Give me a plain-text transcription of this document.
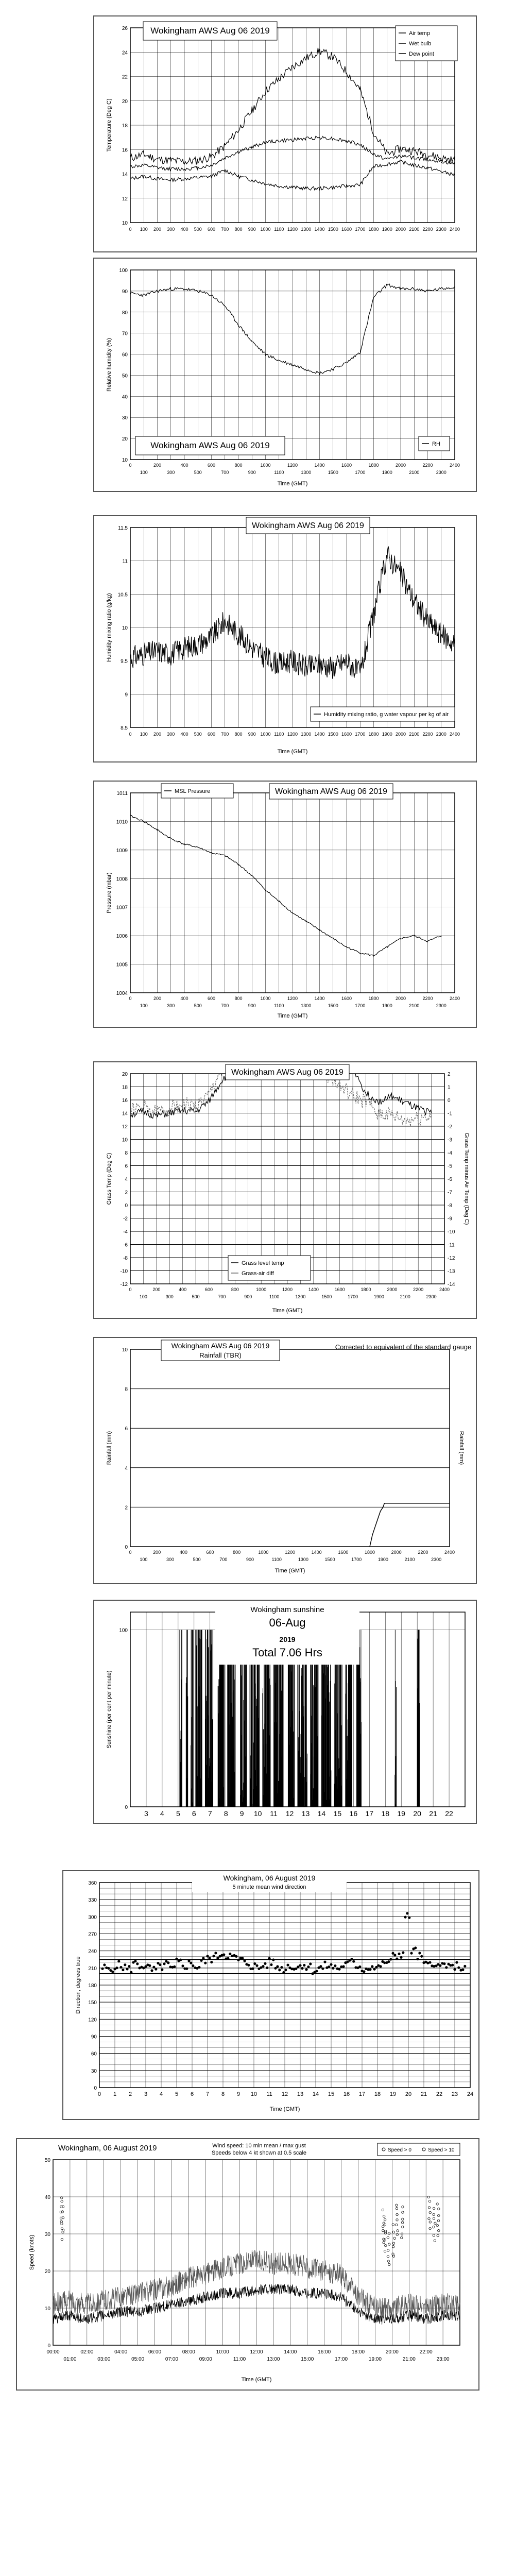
10
12
14
16
18
20
22
24
26
Temperature (Deg C)
0 100 200 300 400 500 600 700 800 900 1000 1100 1200 1300 1400 1500 1600 1700 1800 1900 2000 2100 2200 2300 2400
Wokingham AWS Aug 06 2019	Air temp
Wet bulb
Dew point
10
20
30
40
50
60
70
80
90
100
Relative humidity (%)
Time (GMT)
0	200	400	600	800	1000	1200	1400	1600	1800	2000	2200	2400
100	300	500	700	900	1100	1300	1500	1700	1900	2100	2300
Wokingham AWS Aug 06 2019	RH
8.5
9
9.5
10
10.5
11
11.5
Humidity mixing ratio (g/kg)
Time (GMT)
0 100 200 300 400 500 600 700 800 900 1000 1100 1200 1300 1400 1500 1600 1700 1800 1900 2000 2100 2200 2300 2400
Wokingham AWS Aug 06 2019
Humidity mixing ratio, g water vapour per kg of air
1004
1005
1006
1007
1008
1009
1010
1011
Pressure (mbar)
Time (GMT)
0	200	400	600	800	1000	1200	1400	1600	1800	2000	2200	2400
100	300	500	700	900	1100	1300	1500	1700	1900	2100	2300
MSL Pressure	Wokingham AWS Aug 06 2019
-12
-10
-8
-6
-4
-2
0
2
4
6
8
10
12
14
16
18
20
Grass Temp (Deg C)
Time (GMT)
0	200	400	600	800	1000	1200	1400	1600	1800	2000	2200	2400
100	300	500	700	900	1100	1300	1500	1700	1900	2100	2300
-14
-13
-12
-11
-10
-9
-8
-7
-6
-5
-4
-3
-2
-1
0
1
2
Grass Temp minus Air Temp (Deg C)
Wokingham AWS Aug 06 2019
Grass level temp
Grass-air diff
0
2
4
6
8
10
Rainfall (mm)
Time (GMT)
0	200	400	600	800	1000	1200	1400	1600	1800	2000	2200	2400
100	300	500	700	900	1100	1300	1500	1700	1900	2100	2300
Rainfall (mm)
Wokingham AWS Aug 06 2019
Rainfall (TBR)
Corrected to equivalent of the standard gauge
0
100
Sunshine (per cent per minute)
3 4 5 6 7 8 9 10 11 12 13 14 15 16 17 18 19 20 21 22
Wokingham sunshine
06-Aug
2019
Total 7.06 Hrs
0
30
60
90
120
150
180
210
240
270
300
330
360
Direction, degrees true
Time (GMT)
0 1 2 3 4 5 6 7 8 9 10 11 12 13 14 15 16 17 18 19 20 21 22 23 24
Wokingham, 06 August 2019
5 minute mean wind direction
0
10
20
30
40
50
Speed (knots)
Time (GMT)
00:00	02:00	04:00	06:00	08:00	10:00	12:00	14:00	16:00	18:00	20:00	22:00
01:00	03:00	05:00	07:00	09:00	11:00	13:00	15:00	17:00	19:00	21:00	23:00
Wokingham, 06 August 2019	Wind speed: 10 min mean / max gust
Speeds below 4 kt shown at 0.5 scale	Speed > 0	Speed > 10
